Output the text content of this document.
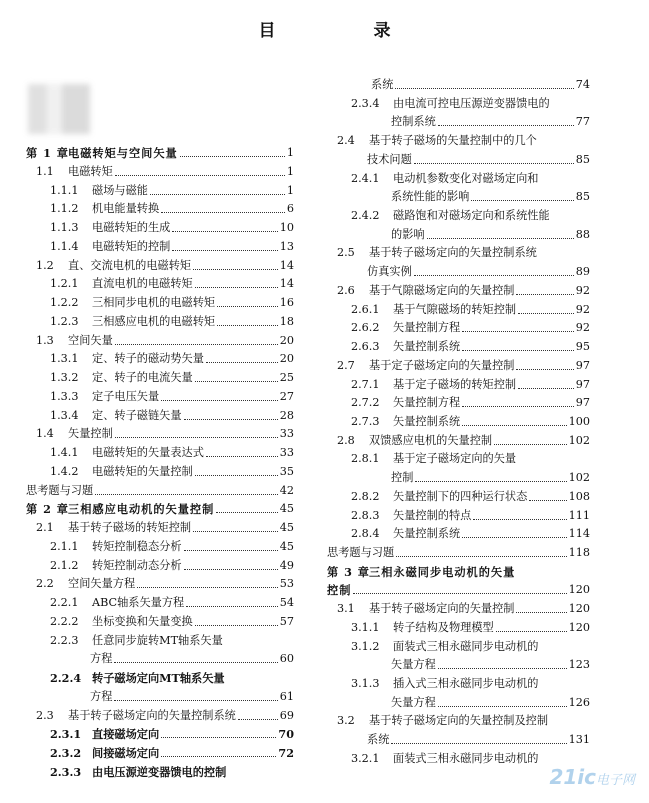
目 录
第 1 章 电磁转矩与空间矢量	1
1.1	电磁转矩	1
1.1.1	磁场与磁能	1
1.1.2	机电能量转换	6
1.1.3	电磁转矩的生成	10
1.1.4	电磁转矩的控制	13
1.2	直、交流电机的电磁转矩	14
1.2.1	直流电机的电磁转矩	14
1.2.2	三相同步电机的电磁转矩	16
1.2.3	三相感应电机的电磁转矩	18
1.3	空间矢量	20
1.3.1	定、转子的磁动势矢量	20
1.3.2	定、转子的电流矢量	25
1.3.3	定子电压矢量	27
1.3.4	定、转子磁链矢量	28
1.4	矢量控制	33
1.4.1	电磁转矩的矢量表达式	33
1.4.2	电磁转矩的矢量控制	35
思考题与习题	42
第 2 章 三相感应电动机的矢量控制	45
2.1	基于转子磁场的转矩控制	45
2.1.1	转矩控制稳态分析	45
2.1.2	转矩控制动态分析	49
2.2	空间矢量方程	53
2.2.1	ABC轴系矢量方程	54
2.2.2	坐标变换和矢量变换	57
2.2.3	任意同步旋转MT轴系矢量
方程	60
2.2.4 转子磁场定向MT轴系矢量
方程	61
2.3	基于转子磁场定向的矢量控制系统	69
2.3.1 直接磁场定向	70
2.3.2 间接磁场定向	72
2.3.3 由电压源逆变器馈电的控制
系统	74
2.3.4	由电流可控电压源逆变器馈电的
控制系统	77
2.4	基于转子磁场的矢量控制中的几个
技术问题	85
2.4.1	电动机参数变化对磁场定向和
系统性能的影响	85
2.4.2	磁路饱和对磁场定向和系统性能
的影响	88
2.5	基于转子磁场定向的矢量控制系统
仿真实例	89
2.6	基于气隙磁场定向的矢量控制	92
2.6.1	基于气隙磁场的转矩控制	92
2.6.2	矢量控制方程	92
2.6.3	矢量控制系统	95
2.7	基于定子磁场定向的矢量控制	97
2.7.1	基于定子磁场的转矩控制	97
2.7.2	矢量控制方程	97
2.7.3	矢量控制系统	100
2.8	双馈感应电机的矢量控制	102
2.8.1	基于定子磁场定向的矢量
控制	102
2.8.2	矢量控制下的四种运行状态	108
2.8.3	矢量控制的特点	111
2.8.4	矢量控制系统	114
思考题与习题	118
第 3 章 三相永磁同步电动机的矢量
控制	120
3.1	基于转子磁场定向的矢量控制	120
3.1.1	转子结构及物理模型	120
3.1.2	面装式三相永磁同步电动机的
矢量方程	123
3.1.3	插入式三相永磁同步电动机的
矢量方程	126
3.2	基于转子磁场定向的矢量控制及控制
系统	131
3.2.1	面装式三相永磁同步电动机的
21ic电子网
